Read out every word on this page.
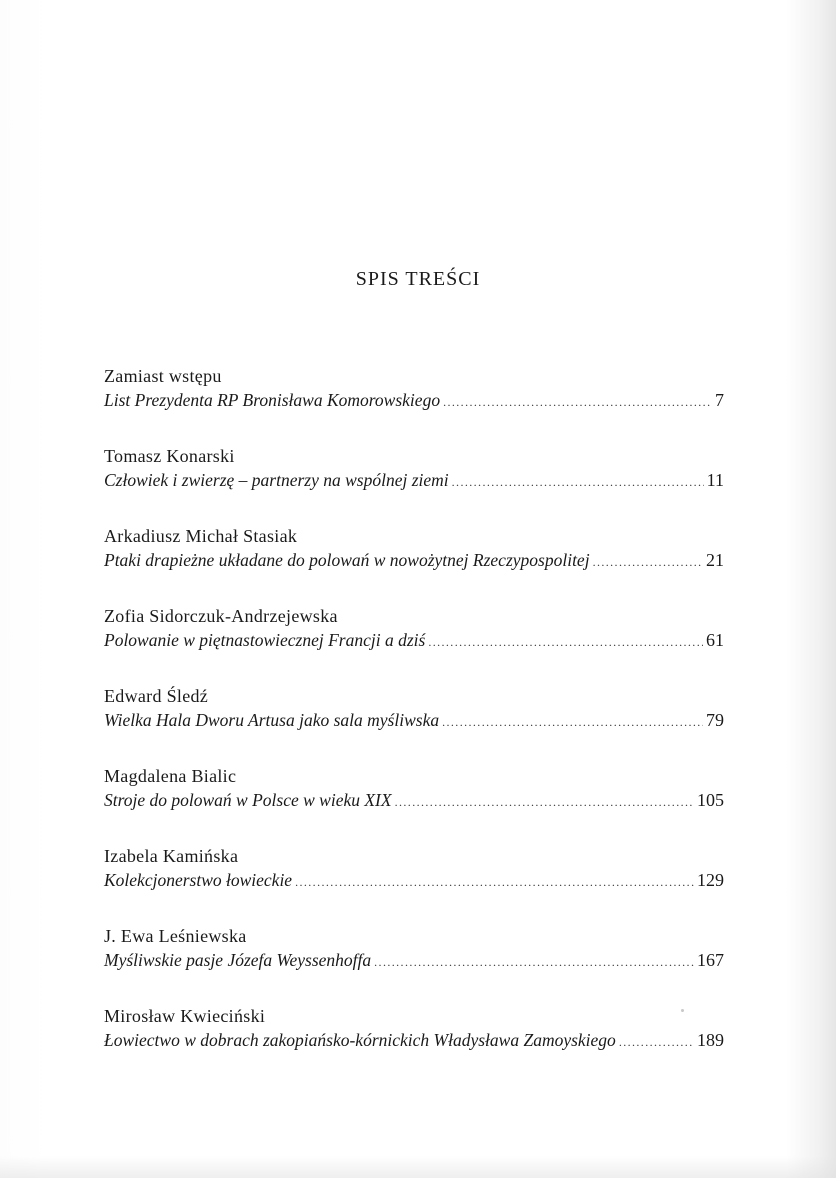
SPIS TREŚCI
Zamiast wstępu
List Prezydenta RP Bronisława Komorowskiego .....	7
Tomasz Konarski
Człowiek i zwierzę – partnerzy na wspólnej ziemi .....	11
Arkadiusz Michał Stasiak
Ptaki drapieżne układane do polowań w nowożytnej Rzeczypospolitej .....	21
Zofia Sidorczuk-Andrzejewska
Polowanie w piętnastowiecznej Francji a dziś .....	61
Edward Śledź
Wielka Hala Dworu Artusa jako sala myśliwska .....	79
Magdalena Bialic
Stroje do polowań w Polsce w wieku XIX .....	105
Izabela Kamińska
Kolekcjonerstwo łowieckie .....	129
J. Ewa Leśniewska
Myśliwskie pasje Józefa Weyssenhoffa .....	167
Mirosław Kwieciński
Łowiectwo w dobrach zakopiańsko-kórnickich Władysława Zamoyskiego .....	189
